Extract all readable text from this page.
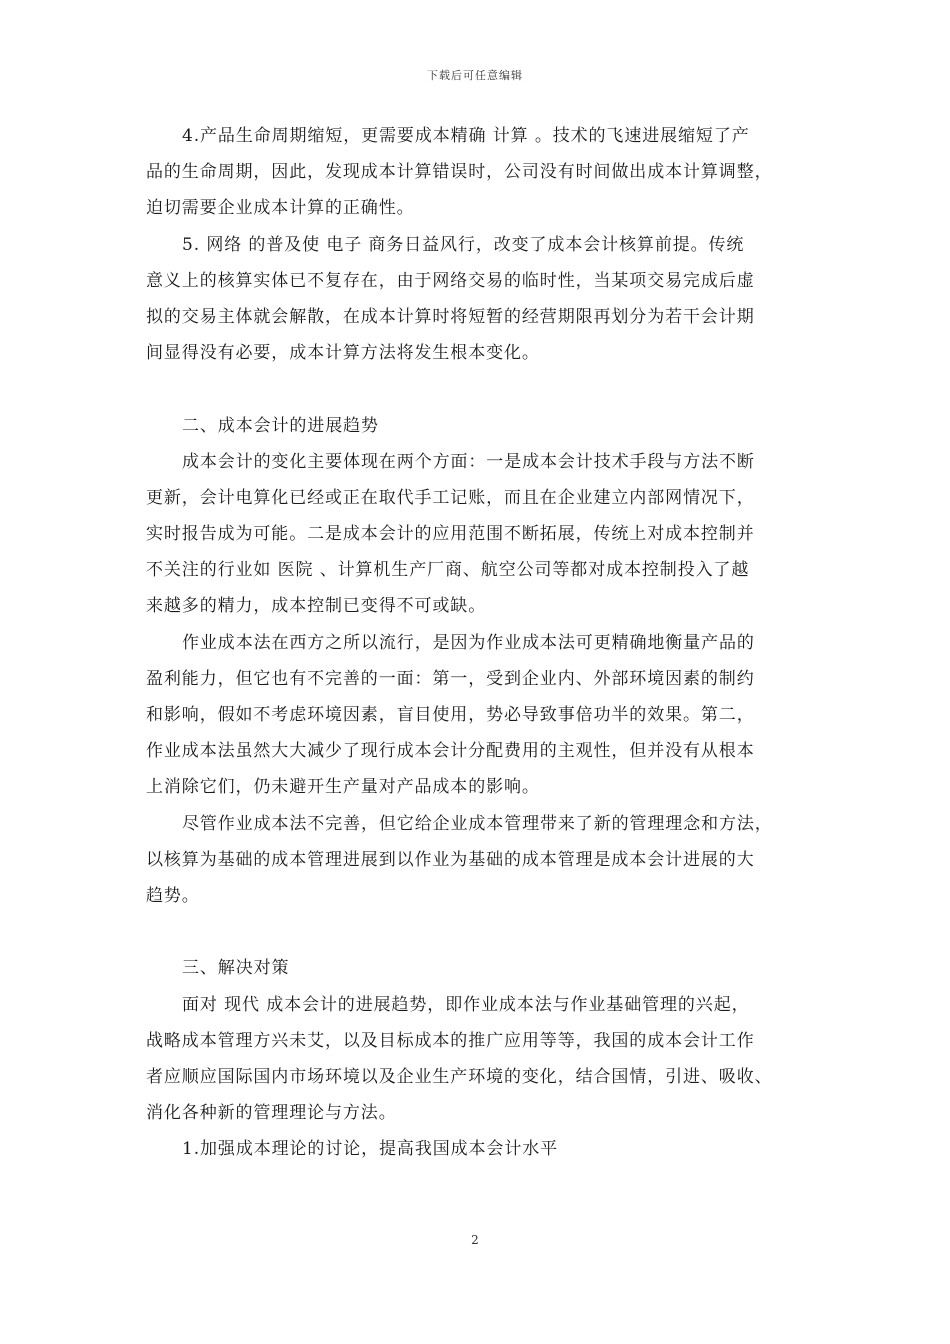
下载后可任意编辑
4.产品生命周期缩短，更需要成本精确 计算 。技术的飞速进展缩短了产
品的生命周期，因此，发现成本计算错误时，公司没有时间做出成本计算调整，
迫切需要企业成本计算的正确性。
5. 网络 的普及使 电子 商务日益风行，改变了成本会计核算前提。传统
意义上的核算实体已不复存在，由于网络交易的临时性，当某项交易完成后虚
拟的交易主体就会解散，在成本计算时将短暂的经营期限再划分为若干会计期
间显得没有必要，成本计算方法将发生根本变化。
二、成本会计的进展趋势
成本会计的变化主要体现在两个方面：一是成本会计技术手段与方法不断
更新，会计电算化已经或正在取代手工记账，而且在企业建立内部网情况下，
实时报告成为可能。二是成本会计的应用范围不断拓展，传统上对成本控制并
不关注的行业如 医院 、计算机生产厂商、航空公司等都对成本控制投入了越
来越多的精力，成本控制已变得不可或缺。
作业成本法在西方之所以流行，是因为作业成本法可更精确地衡量产品的
盈利能力，但它也有不完善的一面：第一，受到企业内、外部环境因素的制约
和影响，假如不考虑环境因素，盲目使用，势必导致事倍功半的效果。第二，
作业成本法虽然大大减少了现行成本会计分配费用的主观性，但并没有从根本
上消除它们，仍未避开生产量对产品成本的影响。
尽管作业成本法不完善，但它给企业成本管理带来了新的管理理念和方法，
以核算为基础的成本管理进展到以作业为基础的成本管理是成本会计进展的大
趋势。
三、解决对策
面对 现代 成本会计的进展趋势，即作业成本法与作业基础管理的兴起，
战略成本管理方兴未艾，以及目标成本的推广应用等等，我国的成本会计工作
者应顺应国际国内市场环境以及企业生产环境的变化，结合国情，引进、吸收、
消化各种新的管理理论与方法。
1.加强成本理论的讨论，提高我国成本会计水平
2
